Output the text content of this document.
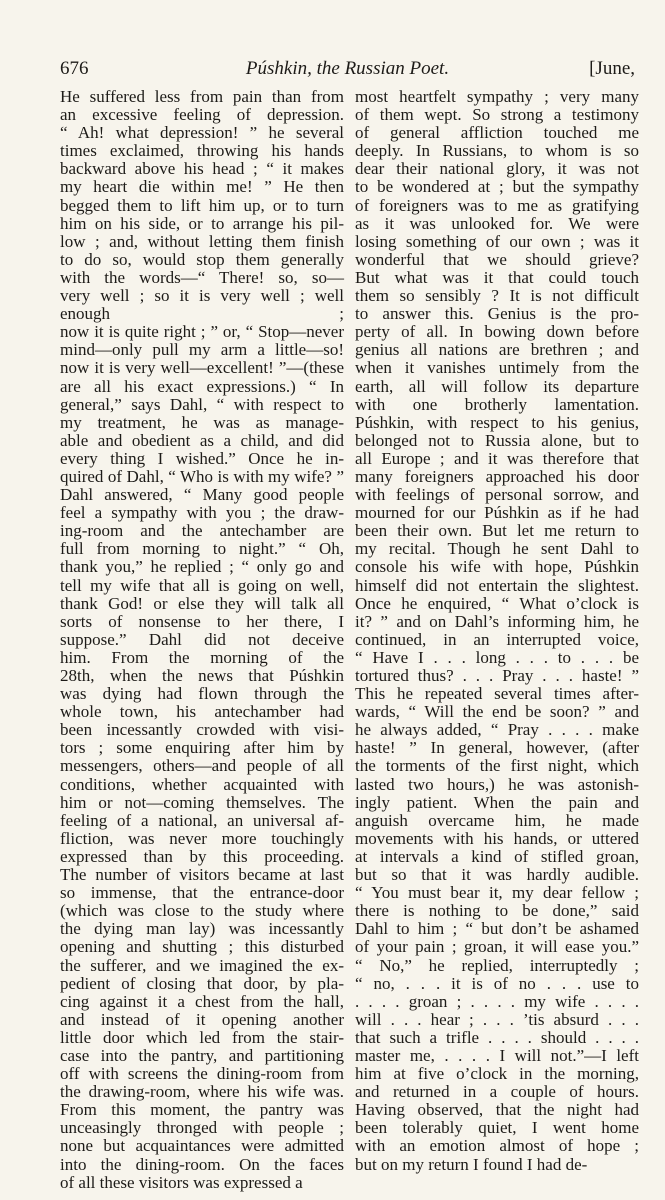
676	Púshkin, the Russian Poet.	[June,

He suffered less from pain than from

an excessive feeling of depression.

“ Ah! what depression! ” he several

times exclaimed, throwing his hands

backward above his head ; “ it makes

my heart die within me! ” He then

begged them to lift him up, or to turn

him on his side, or to arrange his pil-

low ; and, without letting them finish

to do so, would stop them generally

with the words—“ There! so, so—

very well ; so it is very well ; well enough ;

now it is quite right ; ” or, “ Stop—never

mind—only pull my arm a little—so!

now it is very well—excellent! ”—(these

are all his exact expressions.) “ In

general,” says Dahl, “ with respect to

my treatment, he was as manage-

able and obedient as a child, and did

every thing I wished.” Once he in-

quired of Dahl, “ Who is with my wife? ”

Dahl answered, “ Many good people

feel a sympathy with you ; the draw-

ing-room and the antechamber are

full from morning to night.” “ Oh,

thank you,” he replied ; “ only go and

tell my wife that all is going on well,

thank God! or else they will talk all

sorts of nonsense to her there, I

suppose.” Dahl did not deceive

him. From the morning of the

28th, when the news that Púshkin

was dying had flown through the

whole town, his antechamber had

been incessantly crowded with visi-

tors ; some enquiring after him by

messengers, others—and people of all

conditions, whether acquainted with

him or not—coming themselves. The

feeling of a national, an universal af-

fliction, was never more touchingly

expressed than by this proceeding.

The number of visitors became at last

so immense, that the entrance-door

(which was close to the study where

the dying man lay) was incessantly

opening and shutting ; this disturbed

the sufferer, and we imagined the ex-

pedient of closing that door, by pla-

cing against it a chest from the hall,

and instead of it opening another

little door which led from the stair-

case into the pantry, and partitioning

off with screens the dining-room from

the drawing-room, where his wife was.

From this moment, the pantry was

unceasingly thronged with people ;

none but acquaintances were admitted

into the dining-room. On the faces

of all these visitors was expressed a

most heartfelt sympathy ; very many

of them wept. So strong a testimony

of general affliction touched me

deeply. In Russians, to whom is so

dear their national glory, it was not

to be wondered at ; but the sympathy

of foreigners was to me as gratifying

as it was unlooked for. We were

losing something of our own ; was it

wonderful that we should grieve?

But what was it that could touch

them so sensibly ? It is not difficult

to answer this. Genius is the pro-

perty of all. In bowing down before

genius all nations are brethren ; and

when it vanishes untimely from the

earth, all will follow its departure

with one brotherly lamentation.

Púshkin, with respect to his genius,

belonged not to Russia alone, but to

all Europe ; and it was therefore that

many foreigners approached his door

with feelings of personal sorrow, and

mourned for our Púshkin as if he had

been their own. But let me return to

my recital. Though he sent Dahl to

console his wife with hope, Púshkin

himself did not entertain the slightest.

Once he enquired, “ What o’clock is

it? ” and on Dahl’s informing him, he

continued, in an interrupted voice,

“ Have I . . . long . . . to . . . be

tortured thus? . . . Pray . . . haste! ”

This he repeated several times after-

wards, “ Will the end be soon? ” and

he always added, “ Pray . . . . make

haste! ” In general, however, (after

the torments of the first night, which

lasted two hours,) he was astonish-

ingly patient. When the pain and

anguish overcame him, he made

movements with his hands, or uttered

at intervals a kind of stifled groan,

but so that it was hardly audible.

“ You must bear it, my dear fellow ;

there is nothing to be done,” said

Dahl to him ; “ but don’t be ashamed

of your pain ; groan, it will ease you.”

“ No,” he replied, interruptedly ;

“ no, . . . it is of no . . . use to

. . . . groan ; . . . . my wife . . . .

will . . . hear ; . . . ’tis absurd . . .

that such a trifle . . . . should . . . .

master me, . . . . I will not.”—I left

him at five o’clock in the morning,

and returned in a couple of hours.

Having observed, that the night had

been tolerably quiet, I went home

with an emotion almost of hope ;

but on my return I found I had de-
